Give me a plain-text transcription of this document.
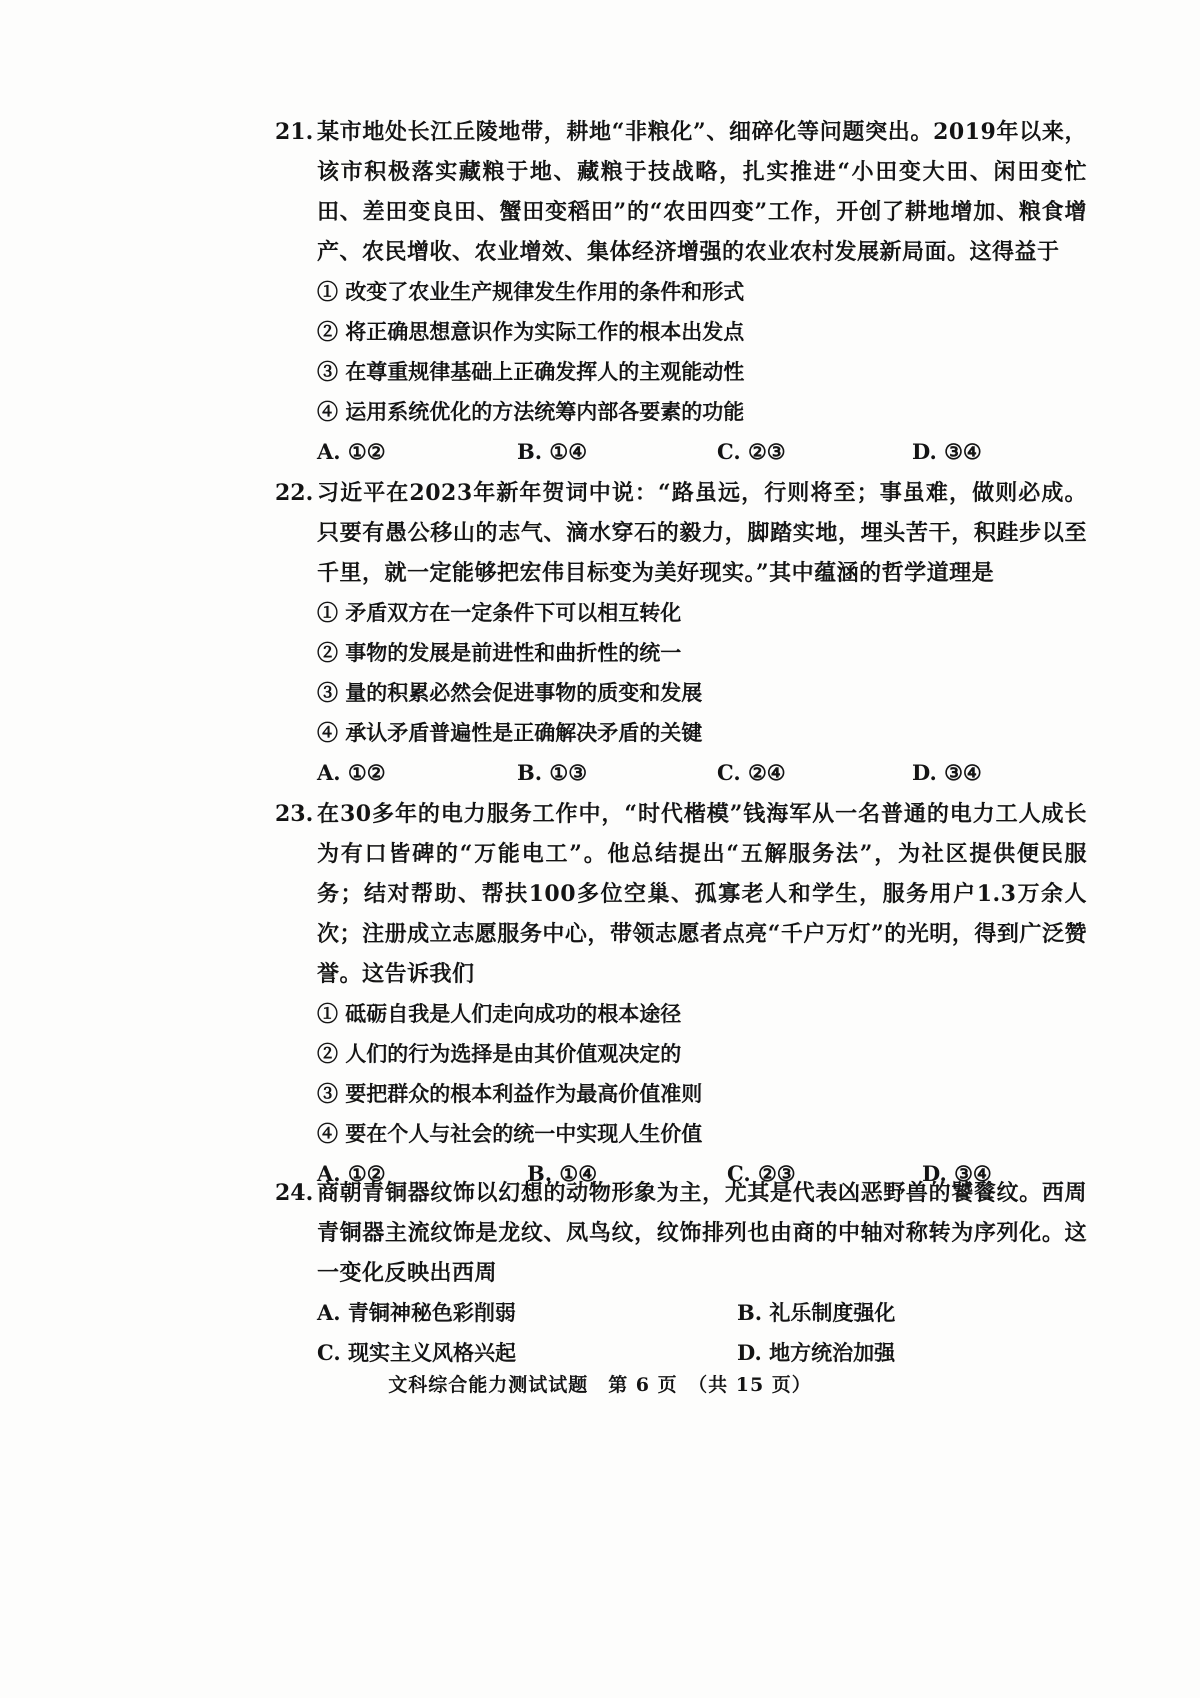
21. 某市地处长江丘陵地带，耕地“非粮化”、细碎化等问题突出。2019年以来，该市积极落实藏粮于地、藏粮于技战略，扎实推进“小田变大田、闲田变忙田、差田变良田、蟹田变稻田”的“农田四变”工作，开创了耕地增加、粮食增产、农民增收、农业增效、集体经济增强的农业农村发展新局面。这得益于
① 改变了农业生产规律发生作用的条件和形式
② 将正确思想意识作为实际工作的根本出发点
③ 在尊重规律基础上正确发挥人的主观能动性
④ 运用系统优化的方法统筹内部各要素的功能
A. ①②	B. ①④	C. ②③	D. ③④
22. 习近平在2023年新年贺词中说：“路虽远，行则将至；事虽难，做则必成。只要有愚公移山的志气、滴水穿石的毅力，脚踏实地，埋头苦干，积跬步以至千里，就一定能够把宏伟目标变为美好现实。”其中蕴涵的哲学道理是
① 矛盾双方在一定条件下可以相互转化
② 事物的发展是前进性和曲折性的统一
③ 量的积累必然会促进事物的质变和发展
④ 承认矛盾普遍性是正确解决矛盾的关键
A. ①②	B. ①③	C. ②④	D. ③④
23. 在30多年的电力服务工作中，“时代楷模”钱海军从一名普通的电力工人成长为有口皆碑的“万能电工”。他总结提出“五解服务法”，为社区提供便民服务；结对帮助、帮扶100多位空巢、孤寡老人和学生，服务用户1.3万余人次；注册成立志愿服务中心，带领志愿者点亮“千户万灯”的光明，得到广泛赞誉。这告诉我们
① 砥砺自我是人们走向成功的根本途径
② 人们的行为选择是由其价值观决定的
③ 要把群众的根本利益作为最高价值准则
④ 要在个人与社会的统一中实现人生价值
A. ①②	B. ①④	C. ②③	D. ③④
24. 商朝青铜器纹饰以幻想的动物形象为主，尤其是代表凶恶野兽的饕餮纹。西周青铜器主流纹饰是龙纹、凤鸟纹，纹饰排列也由商的中轴对称转为序列化。这一变化反映出西周
A. 青铜神秘色彩削弱	B. 礼乐制度强化
C. 现实主义风格兴起	D. 地方统治加强
文科综合能力测试试题　第 6 页　（共 15 页）
